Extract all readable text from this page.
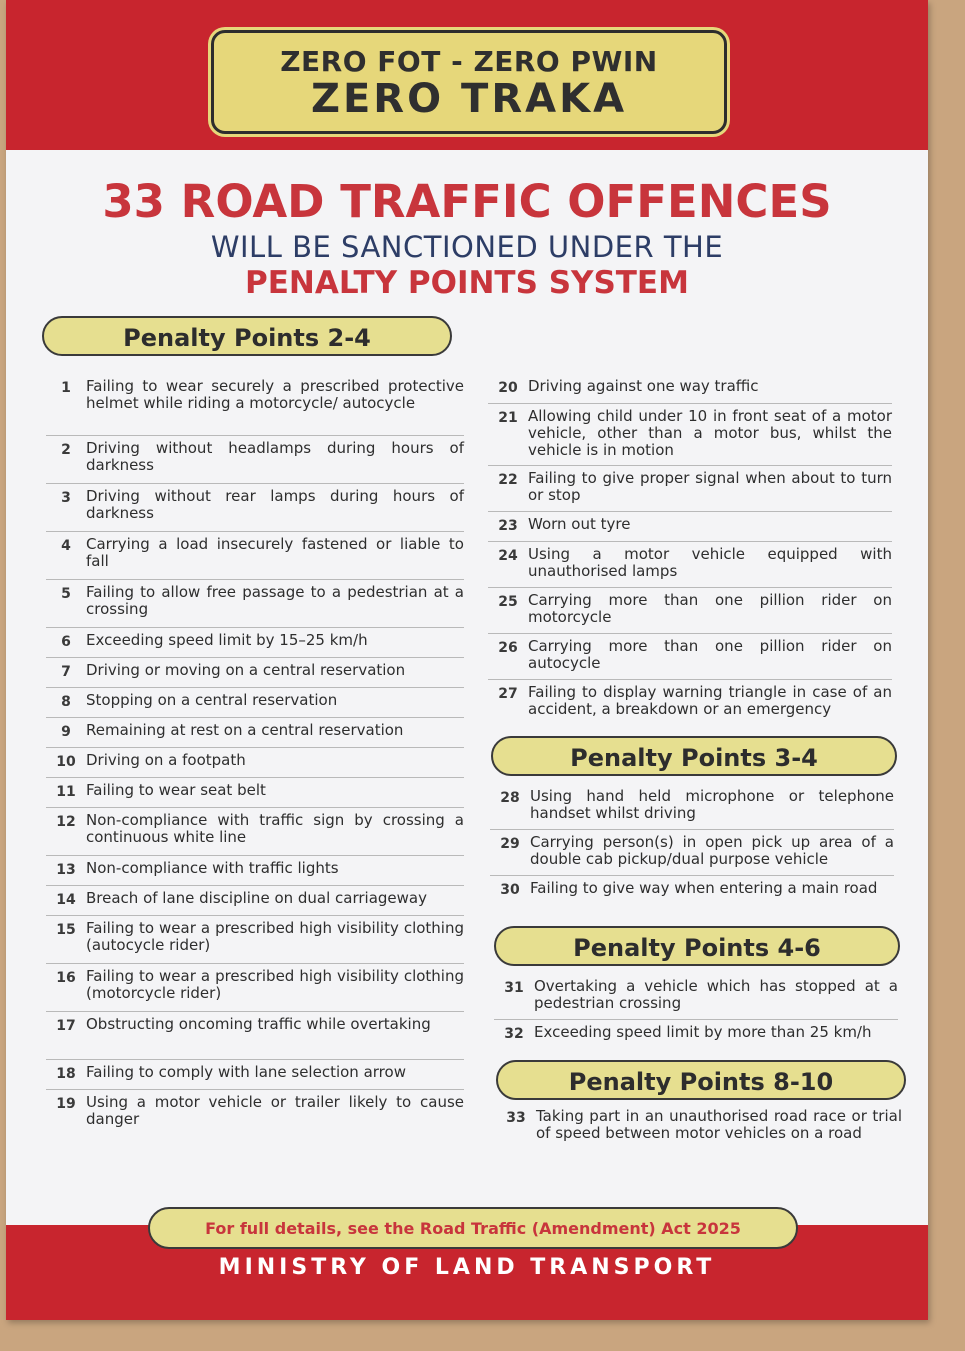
ZERO FOT - ZERO PWIN
ZERO TRAKA
33 ROAD TRAFFIC OFFENCES
WILL BE SANCTIONED UNDER THE
PENALTY POINTS SYSTEM
Penalty Points 2-4
1	Failing to wear securely a prescribed protective helmet while riding a motorcycle/ autocycle
2	Driving without headlamps during hours of darkness
3	Driving without rear lamps during hours of darkness
4	Carrying a load insecurely fastened or liable to fall
5	Failing to allow free passage to a pedestrian at a crossing
6	Exceeding speed limit by 15–25 km/h
7	Driving or moving on a central reservation
8	Stopping on a central reservation
9	Remaining at rest on a central reservation
10 Driving on a footpath
11 Failing to wear seat belt
12 Non-compliance with traffic sign by crossing a continuous white line
13 Non-compliance with traffic lights
14 Breach of lane discipline on dual carriageway
15 Failing to wear a prescribed high visibility clothing (autocycle rider)
16 Failing to wear a prescribed high visibility clothing (motorcycle rider)
17 Obstructing oncoming traffic while overtaking
18 Failing to comply with lane selection arrow
19 Using a motor vehicle or trailer likely to cause danger
20 Driving against one way traffic
21 Allowing child under 10 in front seat of a motor vehicle, other than a motor bus, whilst the vehicle is in motion
22 Failing to give proper signal when about to turn or stop
23 Worn out tyre
24 Using a motor vehicle equipped with unauthorised lamps
25 Carrying more than one pillion rider on motorcycle
26 Carrying more than one pillion rider on autocycle
27 Failing to display warning triangle in case of an accident, a breakdown or an emergency
Penalty Points 3-4
28 Using hand held microphone or telephone handset whilst driving
29 Carrying person(s) in open pick up area of a double cab pickup/dual purpose vehicle
30 Failing to give way when entering a main road
Penalty Points 4-6
31 Overtaking a vehicle which has stopped at a pedestrian crossing
32 Exceeding speed limit by more than 25 km/h
Penalty Points 8-10
33 Taking part in an unauthorised road race or trial of speed between motor vehicles on a road
For full details, see the Road Traffic (Amendment) Act 2025
MINISTRY OF LAND TRANSPORT
